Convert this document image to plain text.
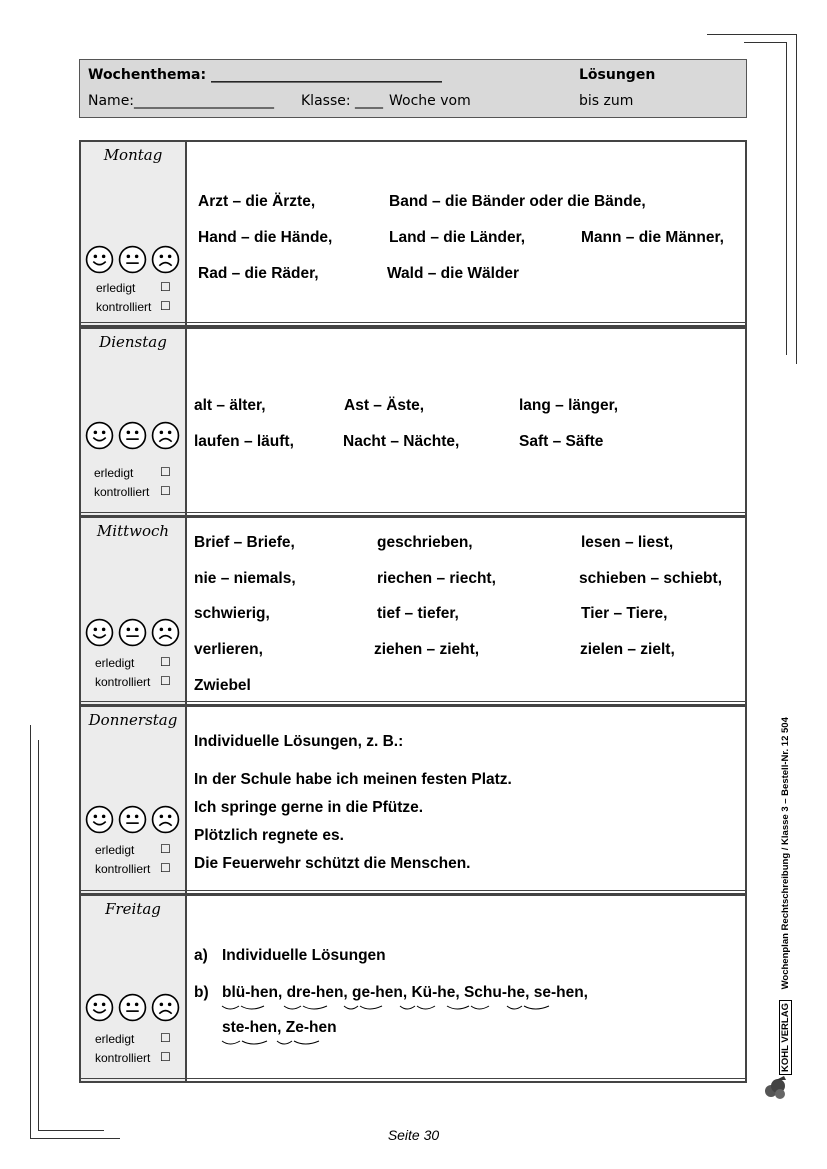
Wochenthema: _________________________________	Lösungen
Name:____________________ Klasse: ____ Woche vom	bis zum
Montag
erledigt ☐
kontrolliert ☐
Arzt – die Ärzte,	Band – die Bänder oder die Bände,
Hand – die Hände,	Land – die Länder,	Mann – die Männer,
Rad – die Räder,	Wald – die Wälder
Dienstag
erledigt ☐
kontrolliert ☐
alt – älter,	Ast – Äste,	lang – länger,
laufen – läuft,	Nacht – Nächte,	Saft – Säfte
Mittwoch
erledigt ☐
kontrolliert ☐
Brief – Briefe,	geschrieben,	lesen – liest,
nie – niemals,	riechen – riecht,	schieben – schiebt,
schwierig,	tief – tiefer,	Tier – Tiere,
verlieren,	ziehen – zieht,	zielen – zielt,
Zwiebel
Donnerstag
erledigt ☐
kontrolliert ☐
Individuelle Lösungen, z. B.:
In der Schule habe ich meinen festen Platz.
Ich springe gerne in die Pfütze.
Plötzlich regnete es.
Die Feuerwehr schützt die Menschen.
Freitag
erledigt ☐
kontrolliert ☐
a) Individuelle Lösungen
b) blü-hen, dre-hen, ge-hen, Kü-he, Schu-he, se-hen,
ste-hen, Ze-hen	KOHL VERLAG Wochenplan Rechtschreibung / Klasse 3 – Bestell-Nr. 12 504
Seite 30
